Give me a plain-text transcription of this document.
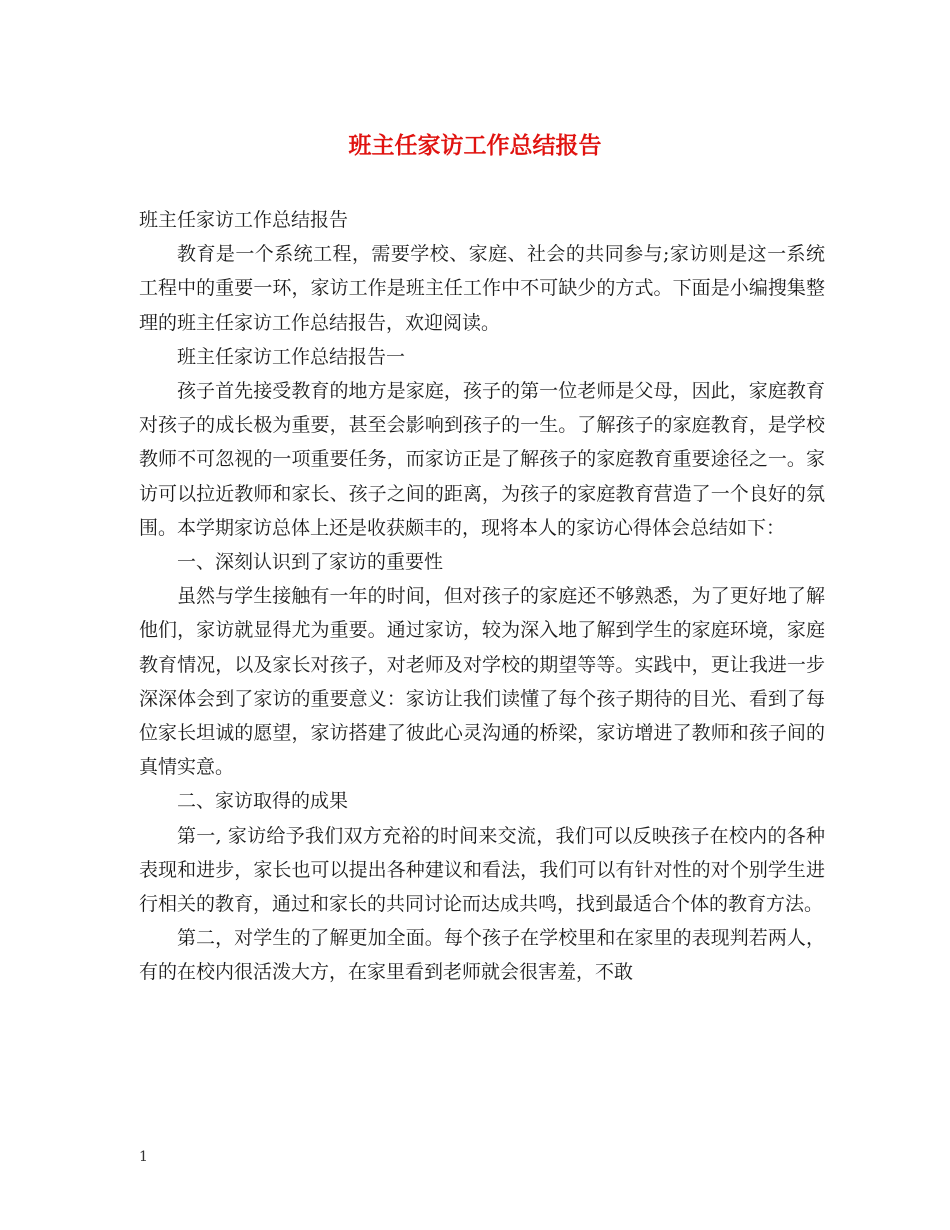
班主任家访工作总结报告

班主任家访工作总结报告

教育是一个系统工程，需要学校、家庭、社会的共同参与;家访则是这一系统工程中的重要一环，家访工作是班主任工作中不可缺少的方式。下面是小编搜集整理的班主任家访工作总结报告，欢迎阅读。

班主任家访工作总结报告一

孩子首先接受教育的地方是家庭，孩子的第一位老师是父母，因此，家庭教育对孩子的成长极为重要，甚至会影响到孩子的一生。了解孩子的家庭教育，是学校教师不可忽视的一项重要任务，而家访正是了解孩子的家庭教育重要途径之一。家访可以拉近教师和家长、孩子之间的距离，为孩子的家庭教育营造了一个良好的氛围。本学期家访总体上还是收获颇丰的，现将本人的家访心得体会总结如下：

一、深刻认识到了家访的重要性

虽然与学生接触有一年的时间，但对孩子的家庭还不够熟悉，为了更好地了解他们，家访就显得尤为重要。通过家访，较为深入地了解到学生的家庭环境，家庭教育情况，以及家长对孩子，对老师及对学校的期望等等。实践中，更让我进一步深深体会到了家访的重要意义：家访让我们读懂了每个孩子期待的目光、看到了每位家长坦诚的愿望，家访搭建了彼此心灵沟通的桥梁，家访增进了教师和孩子间的真情实意。

二、家访取得的成果

第一, 家访给予我们双方充裕的时间来交流，我们可以反映孩子在校内的各种表现和进步，家长也可以提出各种建议和看法，我们可以有针对性的对个别学生进行相关的教育，通过和家长的共同讨论而达成共鸣，找到最适合个体的教育方法。

第二，对学生的了解更加全面。每个孩子在学校里和在家里的表现判若两人，有的在校内很活泼大方，在家里看到老师就会很害羞，不敢

1
